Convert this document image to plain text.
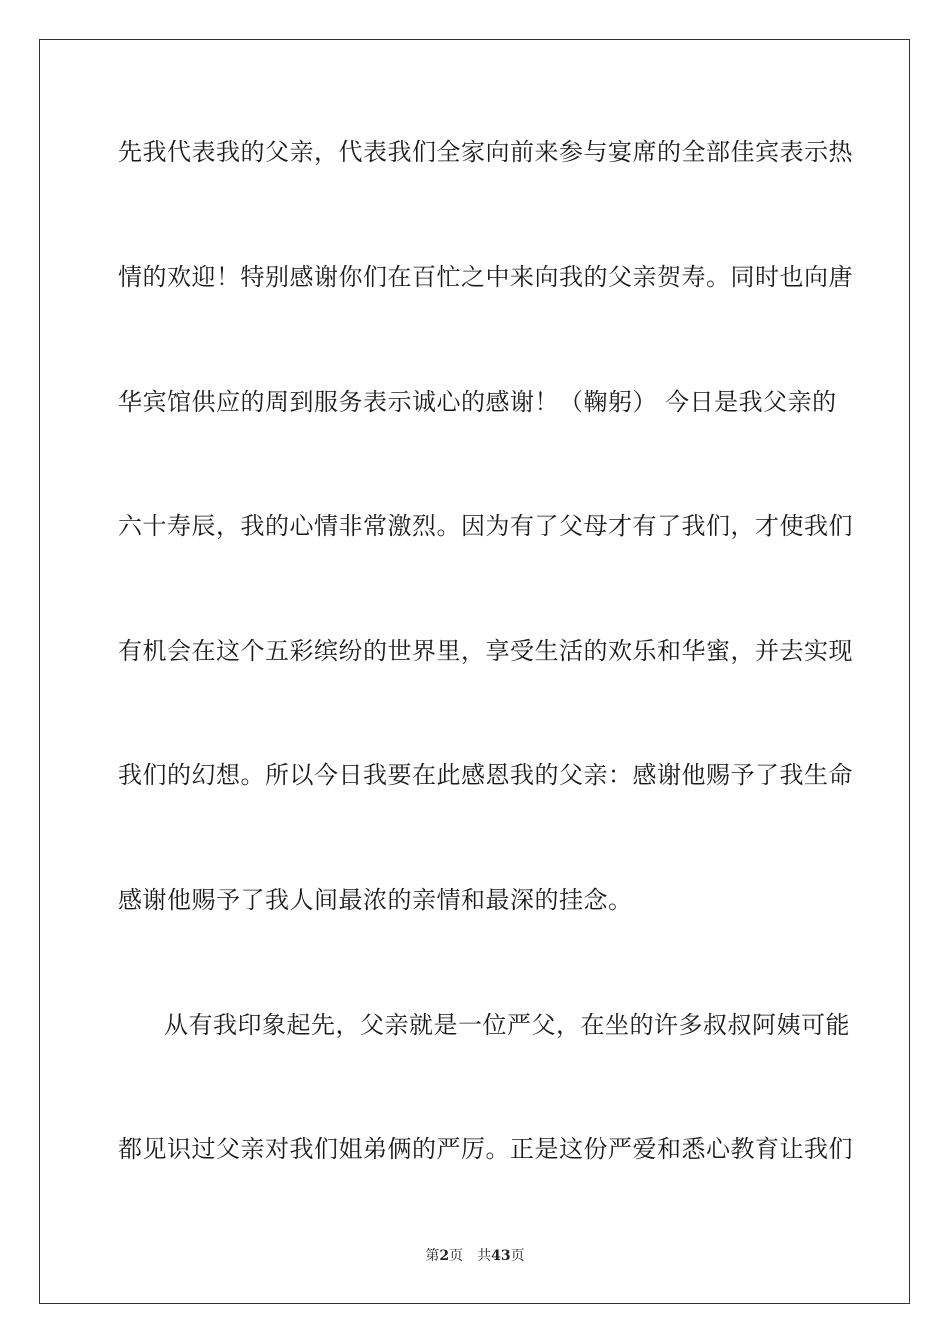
先我代表我的父亲，代表我们全家向前来参与宴席的全部佳宾表示热
情的欢迎！特别感谢你们在百忙之中来向我的父亲贺寿。同时也向唐
华宾馆供应的周到服务表示诚心的感谢！（鞠躬） 今日是我父亲的
六十寿辰，我的心情非常激烈。因为有了父母才有了我们，才使我们
有机会在这个五彩缤纷的世界里，享受生活的欢乐和华蜜，并去实现
我们的幻想。所以今日我要在此感恩我的父亲：感谢他赐予了我生命
感谢他赐予了我人间最浓的亲情和最深的挂念。
从有我印象起先，父亲就是一位严父，在坐的许多叔叔阿姨可能
都见识过父亲对我们姐弟俩的严厉。正是这份严爱和悉心教育让我们
第2页　共43页
